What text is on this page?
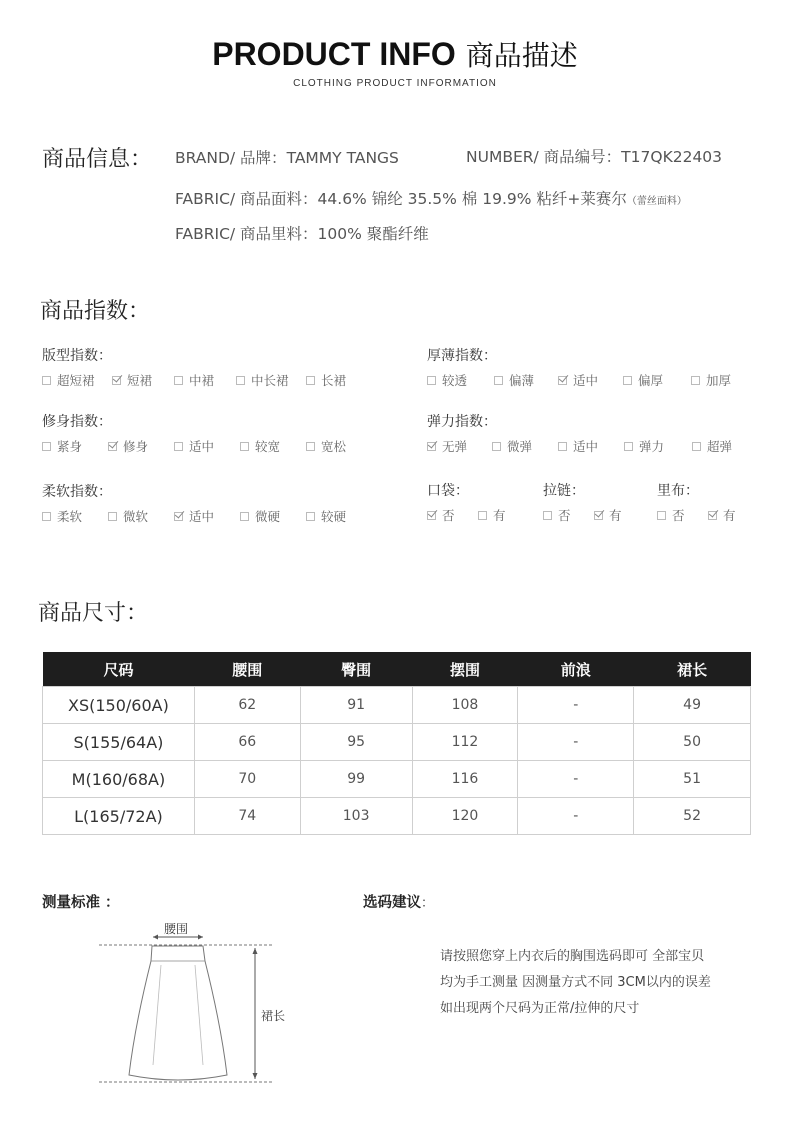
PRODUCT INFO 商品描述
CLOTHING PRODUCT INFORMATION
商品信息： BRAND/ 品牌：TAMMY TANGS	NUMBER/ 商品编号：T17QK22403
FABRIC/ 商品面料：44.6% 锦纶 35.5% 棉 19.9% 粘纤+莱赛尔（蕾丝面料）
FABRIC/ 商品里料：100% 聚酯纤维
商品指数：
版型指数：
超短裙	短裙	中裙	中长裙	长裙
厚薄指数：
较透	偏薄	适中	偏厚	加厚
修身指数：
紧身	修身	适中	较宽	宽松
弹力指数：
无弹	微弹	适中	弹力	超弹
柔软指数：
柔软	微软	适中	微硬	较硬
口袋：
否	有
拉链：
否	有
里布：
否	有
商品尺寸：
尺码	腰围	臀围	摆围	前浪	裙长
XS(150/60A)	62	91	108	-	49
S(155/64A)	66	95	112	-	50
M(160/68A)	70	99	116	-	51
L(165/72A)	74	103	120	-	52
测量标准 ：
腰围
裙长
选码建议：
请按照您穿上内衣后的胸围选码即可 全部宝贝
均为手工测量 因测量方式不同 3CM以内的误差
如出现两个尺码为正常/拉伸的尺寸
